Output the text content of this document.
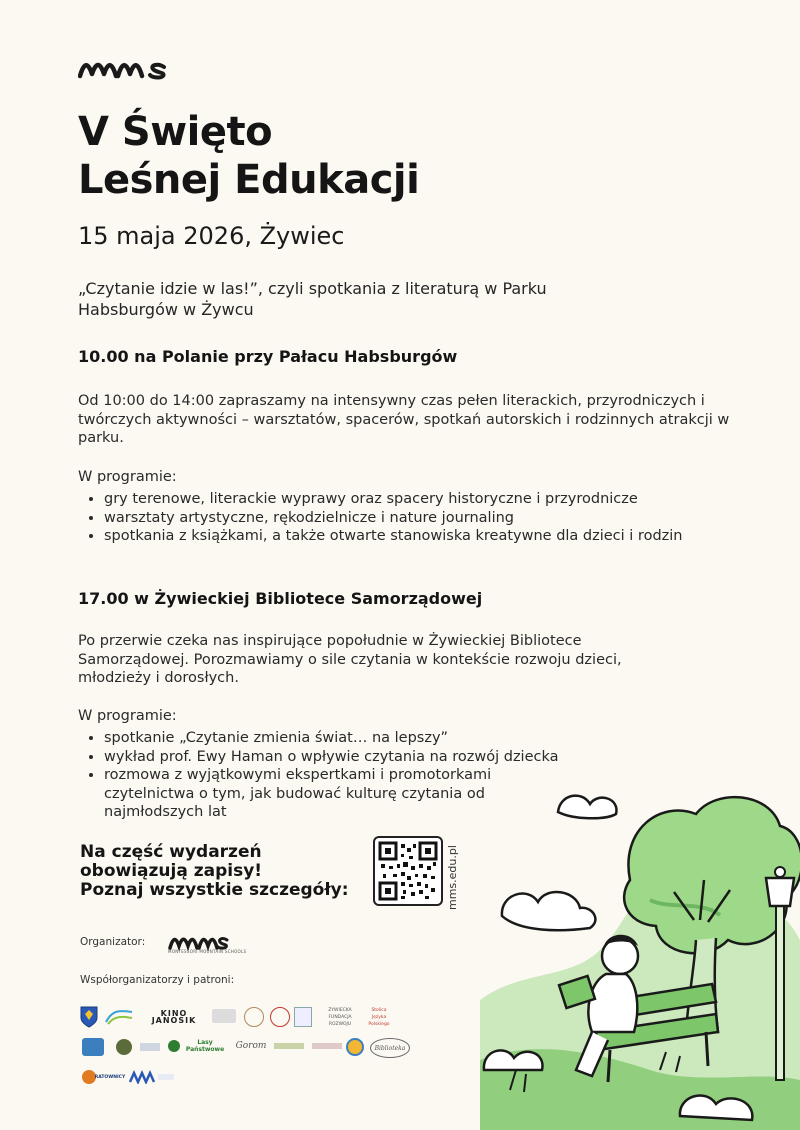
V Święto
Leśnej Edukacji

15 maja 2026, Żywiec

„Czytanie idzie w las!”, czyli spotkania z literaturą w Parku Habsburgów w Żywcu

10.00 na Polanie przy Pałacu Habsburgów

Od 10:00 do 14:00 zapraszamy na intensywny czas pełen literackich, przyrodniczych i twórczych aktywności – warsztatów, spacerów, spotkań autorskich i rodzinnych atrakcji w parku.

W programie:

• gry terenowe, literackie wyprawy oraz spacery historyczne i przyrodnicze
• warsztaty artystyczne, rękodzielnicze i nature journaling
• spotkania z książkami, a także otwarte stanowiska kreatywne dla dzieci i rodzin
17.00 w Żywieckiej Bibliotece Samorządowej

Po przerwie czeka nas inspirujące popołudnie w Żywieckiej Bibliotece Samorządowej. Porozmawiamy o sile czytania w kontekście rozwoju dzieci, młodzieży i dorosłych.

W programie:

• spotkanie „Czytanie zmienia świat… na lepszy”
• wykład prof. Ewy Haman o wpływie czytania na rozwój dziecka
• rozmowa z wyjątkowymi ekspertkami i promotorkami czytelnictwa o tym, jak budować kulturę czytania od najmłodszych lat

Na część wydarzeń
obowiązują zapisy!
Poznaj wszystkie szczegóły:	mms.edu.pl
Organizator:
MONTESSORI MOUNTAIN SCHOOLS
Współorganizatorzy i patroni:
KINO JANOSIK
ZYWIECKA FUNDACJA ROZWOJU
Stolica Języka Polskiego
Lasy Państwowe	Gorom	Biblioteka
RATOWNICY
